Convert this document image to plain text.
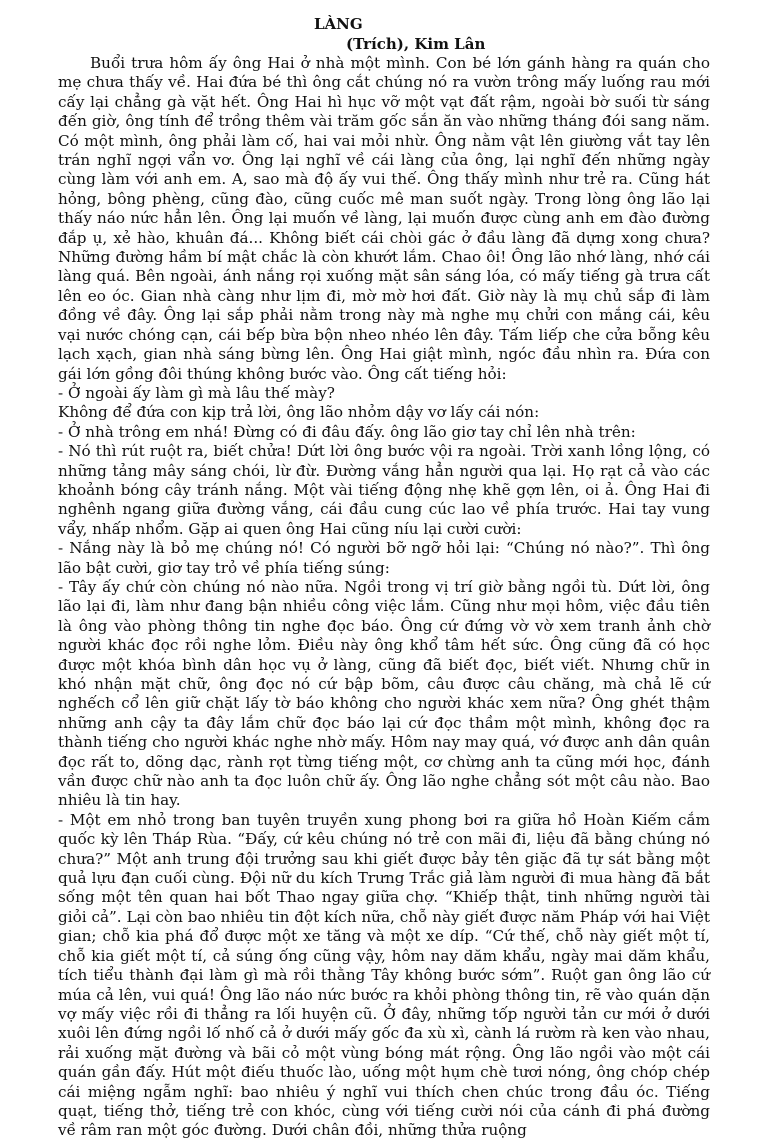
LÀNG
(Trích), Kim Lân

Buổi trưa hôm ấy ông Hai ở nhà một mình. Con bé lớn gánh hàng ra quán cho mẹ chưa thấy về. Hai đứa bé thì ông cắt chúng nó ra vườn trông mấy luống rau mới cấy lại chẳng gà vặt hết. Ông Hai hì hục vỡ một vạt đất rậm, ngoài bờ suối từ sáng đến giờ, ông tính để trồng thêm vài trăm gốc sắn ăn vào những tháng đói sang năm. Có một mình, ông phải làm cố, hai vai mỏi nhừ. Ông nằm vật lên giường vắt tay lên trán nghĩ ngợi vẩn vơ. Ông lại nghĩ về cái làng của ông, lại nghĩ đến những ngày cùng làm với anh em. A, sao mà độ ấy vui thế. Ông thấy mình như trẻ ra. Cũng hát hỏng, bông phèng, cũng đào, cũng cuốc mê man suốt ngày. Trong lòng ông lão lại thấy náo nức hẳn lên. Ông lại muốn về làng, lại muốn được cùng anh em đào đường đắp ụ, xẻ hào, khuân đá... Không biết cái chòi gác ở đầu làng đã dựng xong chưa? Những đường hầm bí mật chắc là còn khướt lắm. Chao ôi! Ông lão nhớ làng, nhớ cái làng quá. Bên ngoài, ánh nắng rọi xuống mặt sân sáng lóa, có mấy tiếng gà trưa cất lên eo óc. Gian nhà càng như lịm đi, mờ mờ hơi đất. Giờ này là mụ chủ sắp đi làm đồng về đây. Ông lại sắp phải nằm trong này mà nghe mụ chửi con mắng cái, kêu vại nước chóng cạn, cái bếp bừa bộn nheo nhéo lên đây. Tấm liếp che cửa bỗng kêu lạch xạch, gian nhà sáng bừng lên. Ông Hai giật mình, ngóc đầu nhìn ra. Đứa con gái lớn gồng đôi thúng không bước vào. Ông cất tiếng hỏi:

- Ở ngoài ấy làm gì mà lâu thế mày?

Không để đứa con kịp trả lời, ông lão nhỏm dậy vơ lấy cái nón:

- Ở nhà trông em nhá! Đừng có đi đâu đấy. ông lão giơ tay chỉ lên nhà trên:

- Nó thì rút ruột ra, biết chửa! Dứt lời ông bước vội ra ngoài. Trời xanh lồng lộng, có những tảng mây sáng chói, lừ đừ. Đường vắng hẳn người qua lại. Họ rạt cả vào các khoảnh bóng cây tránh nắng. Một vài tiếng động nhẹ khẽ gợn lên, oi ả. Ông Hai đi nghênh ngang giữa đường vắng, cái đầu cung cúc lao về phía trước. Hai tay vung vẩy, nhấp nhổm. Gặp ai quen ông Hai cũng níu lại cười cười:

- Nắng này là bỏ mẹ chúng nó! Có người bỡ ngỡ hỏi lại: “Chúng nó nào?”. Thì ông lão bật cười, giơ tay trỏ về phía tiếng súng:

- Tây ấy chứ còn chúng nó nào nữa. Ngồi trong vị trí giờ bằng ngồi tù. Dứt lời, ông lão lại đi, làm như đang bận nhiều công việc lắm. Cũng như mọi hôm, việc đầu tiên là ông vào phòng thông tin nghe đọc báo. Ông cứ đứng vờ vờ xem tranh ảnh chờ người khác đọc rồi nghe lỏm. Điều này ông khổ tâm hết sức. Ông cũng đã có học được một khóa bình dân học vụ ở làng, cũng đã biết đọc, biết viết. Nhưng chữ in khó nhận mặt chữ, ông đọc nó cứ bập bõm, câu được câu chăng, mà chả lẽ cứ nghếch cổ lên giữ chặt lấy tờ báo không cho người khác xem nữa? Ông ghét thậm những anh cậy ta đây lắm chữ đọc báo lại cứ đọc thầm một mình, không đọc ra thành tiếng cho người khác nghe nhờ mấy. Hôm nay may quá, vớ được anh dân quân đọc rất to, dõng dạc, rành rọt từng tiếng một, cơ chừng anh ta cũng mới học, đánh vần được chữ nào anh ta đọc luôn chữ ấy. Ông lão nghe chẳng sót một câu nào. Bao nhiêu là tin hay.

- Một em nhỏ trong ban tuyên truyền xung phong bơi ra giữa hồ Hoàn Kiếm cắm quốc kỳ lên Tháp Rùa. “Đấy, cứ kêu chúng nó trẻ con mãi đi, liệu đã bằng chúng nó chưa?” Một anh trung đội trưởng sau khi giết được bảy tên giặc đã tự sát bằng một quả lựu đạn cuối cùng. Đội nữ du kích Trưng Trắc giả làm người đi mua hàng đã bắt sống một tên quan hai bốt Thao ngay giữa chợ. “Khiếp thật, tinh những người tài giỏi cả”. Lại còn bao nhiêu tin đột kích nữa, chỗ này giết được năm Pháp với hai Việt gian; chỗ kia phá đổ được một xe tăng và một xe díp. “Cứ thế, chỗ này giết một tí, chỗ kia giết một tí, cả súng ống cũng vậy, hôm nay dăm khẩu, ngày mai dăm khẩu, tích tiểu thành đại làm gì mà rồi thằng Tây không bước sớm”. Ruột gan ông lão cứ múa cả lên, vui quá! Ông lão náo nức bước ra khỏi phòng thông tin, rẽ vào quán dặn vợ mấy việc rồi đi thẳng ra lối huyện cũ. Ở đây, những tốp người tản cư mới ở dưới xuôi lên đứng ngồi lố nhố cả ở dưới mấy gốc đa xù xì, cành lá rườm rà ken vào nhau, rải xuống mặt đường và bãi cỏ một vùng bóng mát rộng. Ông lão ngồi vào một cái quán gần đấy. Hút một điếu thuốc lào, uống một hụm chè tươi nóng, ông chóp chép cái miệng ngẫm nghĩ: bao nhiêu ý nghĩ vui thích chen chúc trong đầu óc. Tiếng quạt, tiếng thở, tiếng trẻ con khóc, cùng với tiếng cười nói của cánh đi phá đường về râm ran một góc đường. Dưới chân đồi, những thửa ruộng
